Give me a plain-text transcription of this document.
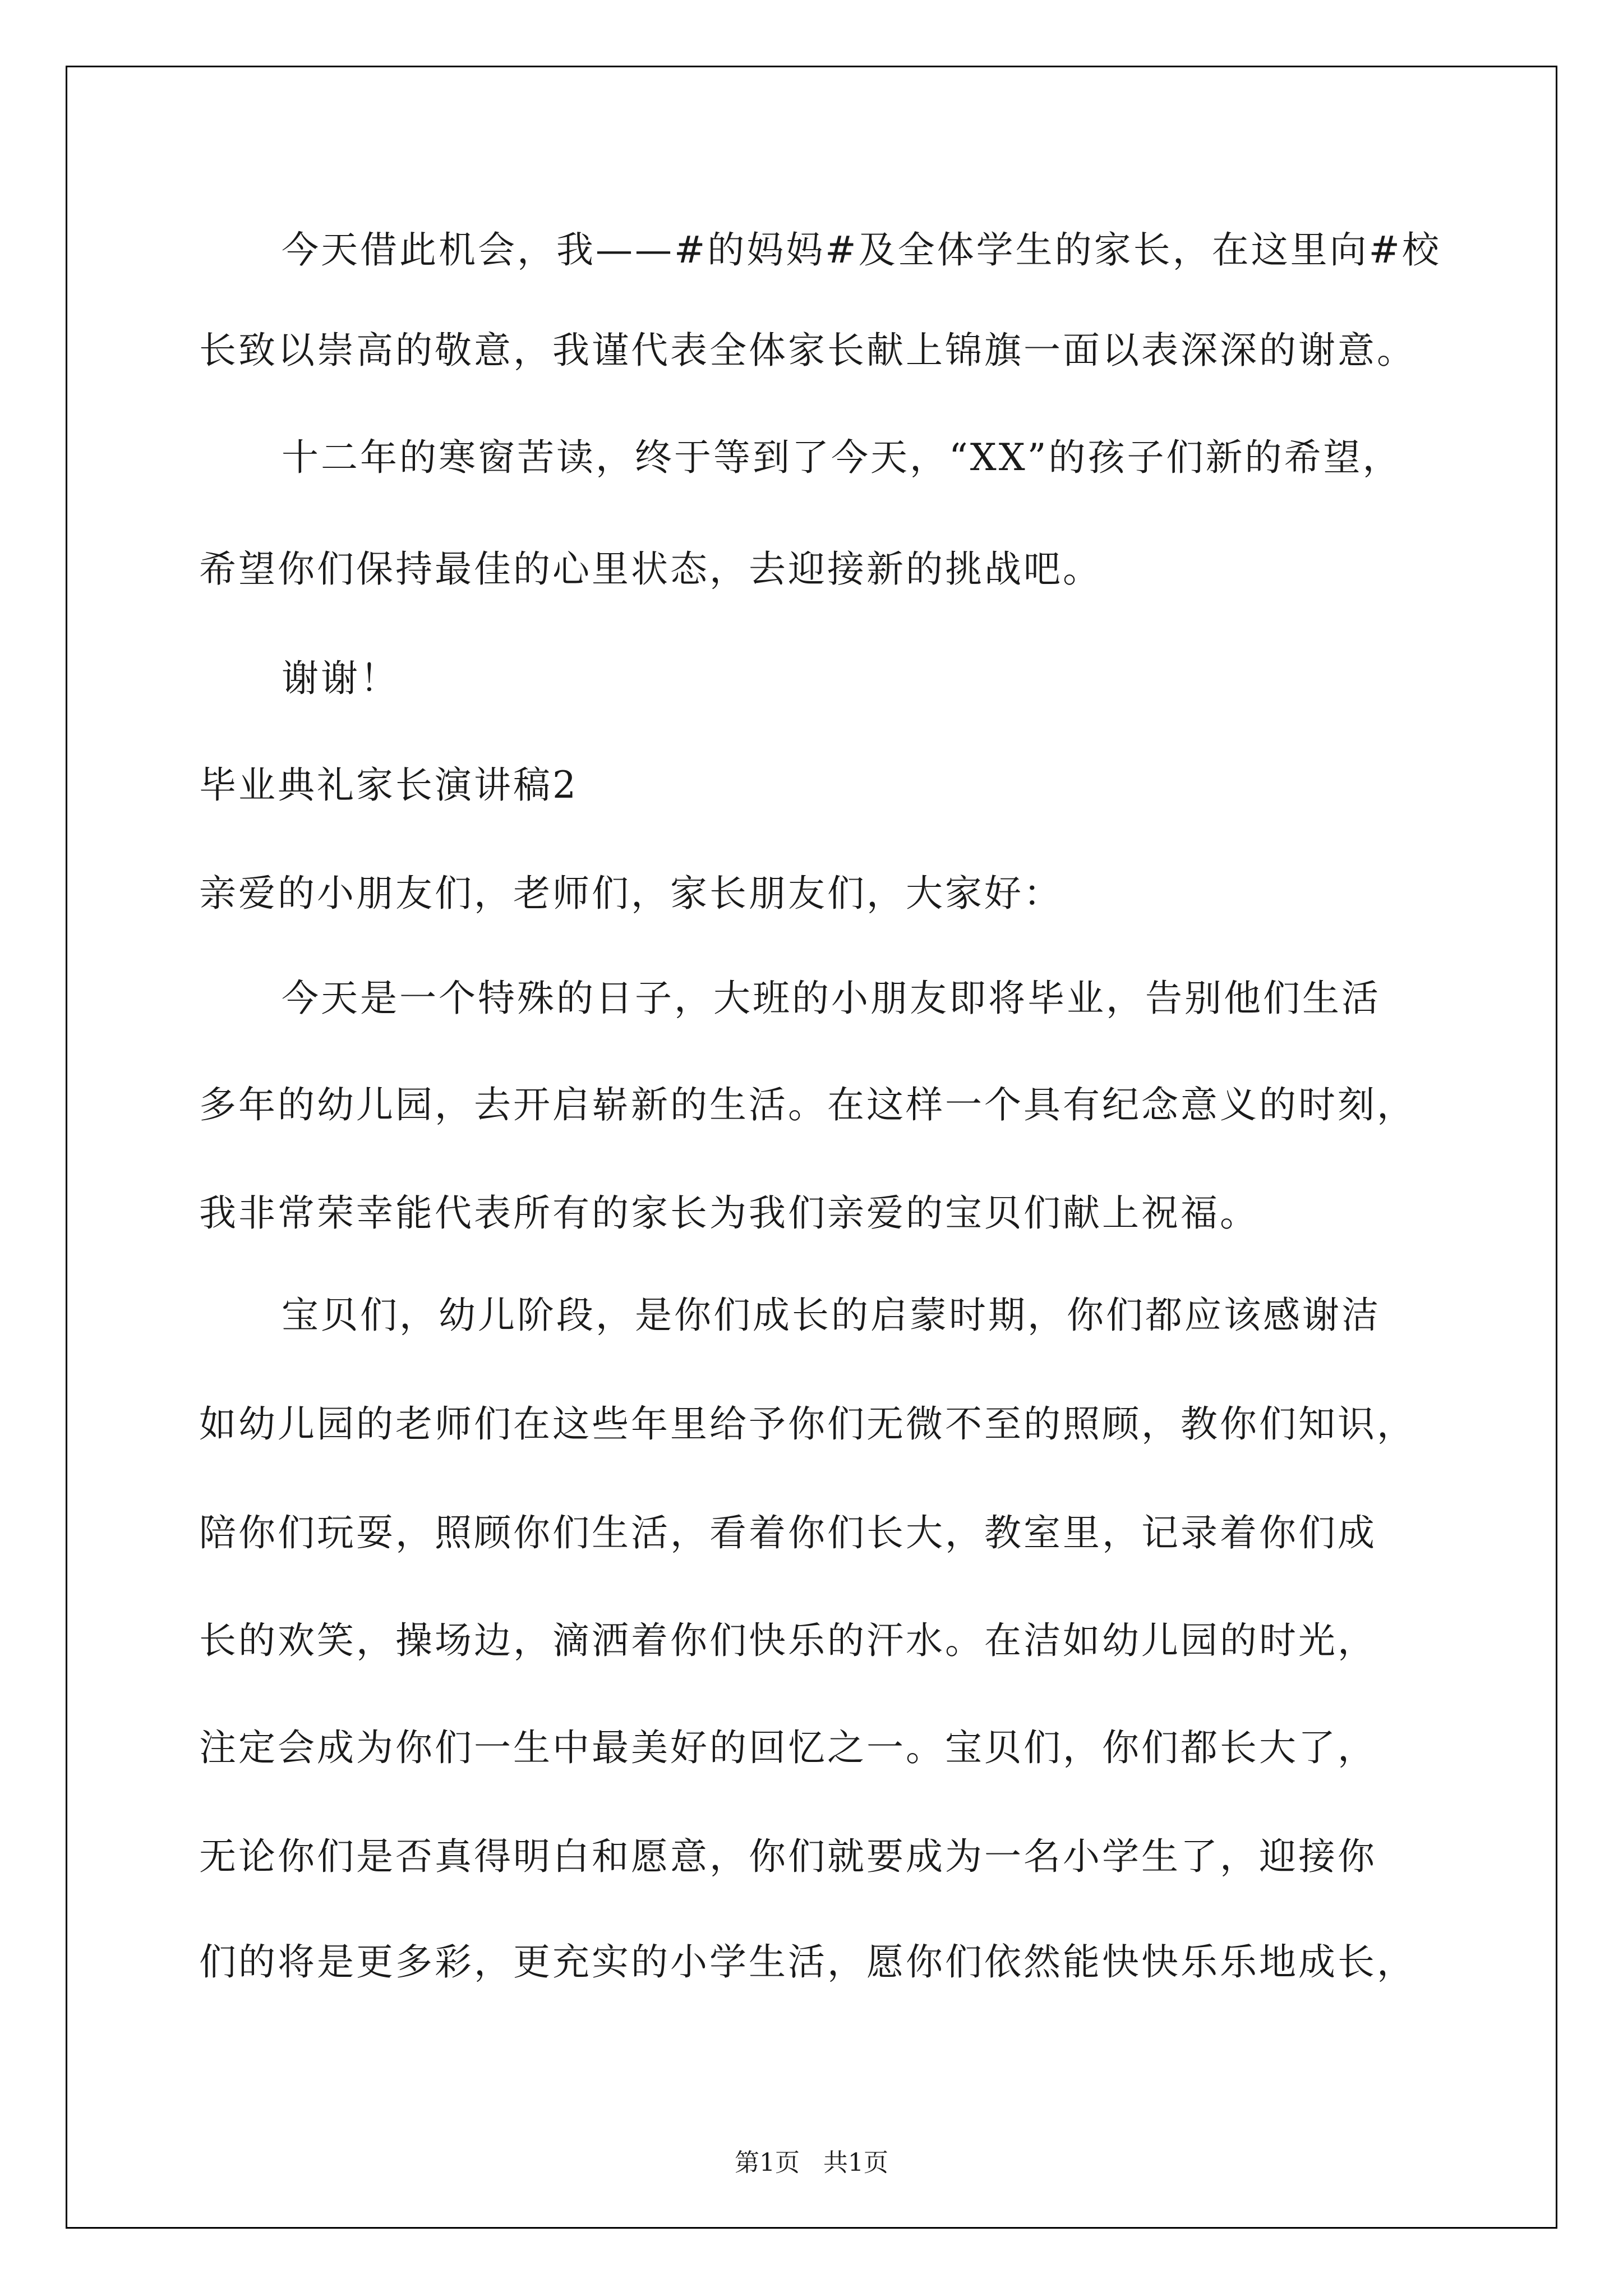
今天借此机会，我——#的妈妈#及全体学生的家长，在这里向#校
长致以崇高的敬意，我谨代表全体家长献上锦旗一面以表深深的谢意。
十二年的寒窗苦读，终于等到了今天，“XX”的孩子们新的希望，
希望你们保持最佳的心里状态，去迎接新的挑战吧。
谢谢！
毕业典礼家长演讲稿2
亲爱的小朋友们，老师们，家长朋友们，大家好：
今天是一个特殊的日子，大班的小朋友即将毕业，告别他们生活
多年的幼儿园，去开启崭新的生活。在这样一个具有纪念意义的时刻，
我非常荣幸能代表所有的家长为我们亲爱的宝贝们献上祝福。
宝贝们，幼儿阶段，是你们成长的启蒙时期，你们都应该感谢洁
如幼儿园的老师们在这些年里给予你们无微不至的照顾，教你们知识，
陪你们玩耍，照顾你们生活，看着你们长大，教室里，记录着你们成
长的欢笑，操场边，滴洒着你们快乐的汗水。在洁如幼儿园的时光，
注定会成为你们一生中最美好的回忆之一。宝贝们，你们都长大了，
无论你们是否真得明白和愿意，你们就要成为一名小学生了，迎接你
们的将是更多彩，更充实的小学生活，愿你们依然能快快乐乐地成长，
第1页 共1页
